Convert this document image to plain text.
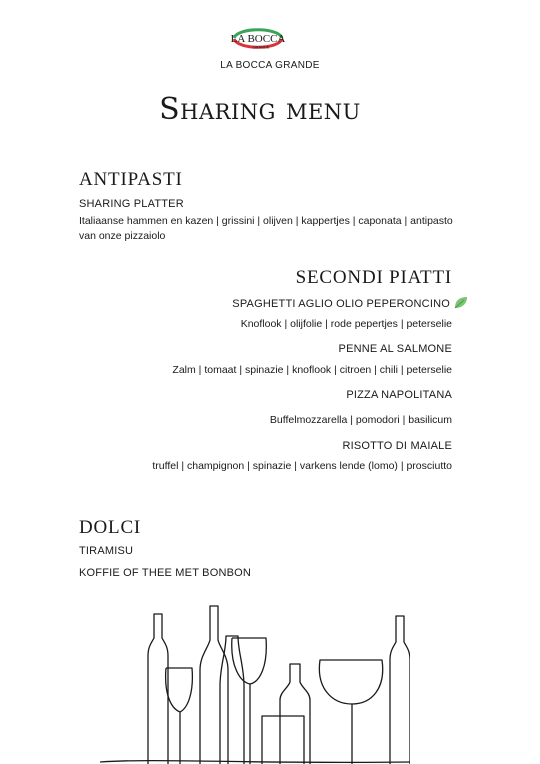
LA BOCCA
GRANDE
LA BOCCA GRANDE
Sharing menu
ANTIPASTI
SHARING PLATTER
Italiaanse hammen en kazen | grissini | olijven | kappertjes | caponata | antipasto
van onze pizzaiolo
SECONDI PIATTI
SPAGHETTI AGLIO OLIO PEPERONCINO
Knoflook | olijfolie | rode pepertjes | peterselie
PENNE AL SALMONE
Zalm | tomaat | spinazie | knoflook | citroen | chili | peterselie
PIZZA NAPOLITANA
Buffelmozzarella | pomodori | basilicum
RISOTTO DI MAIALE
truffel | champignon | spinazie | varkens lende (lomo) | prosciutto
DOLCI
TIRAMISU
KOFFIE OF THEE MET BONBON
